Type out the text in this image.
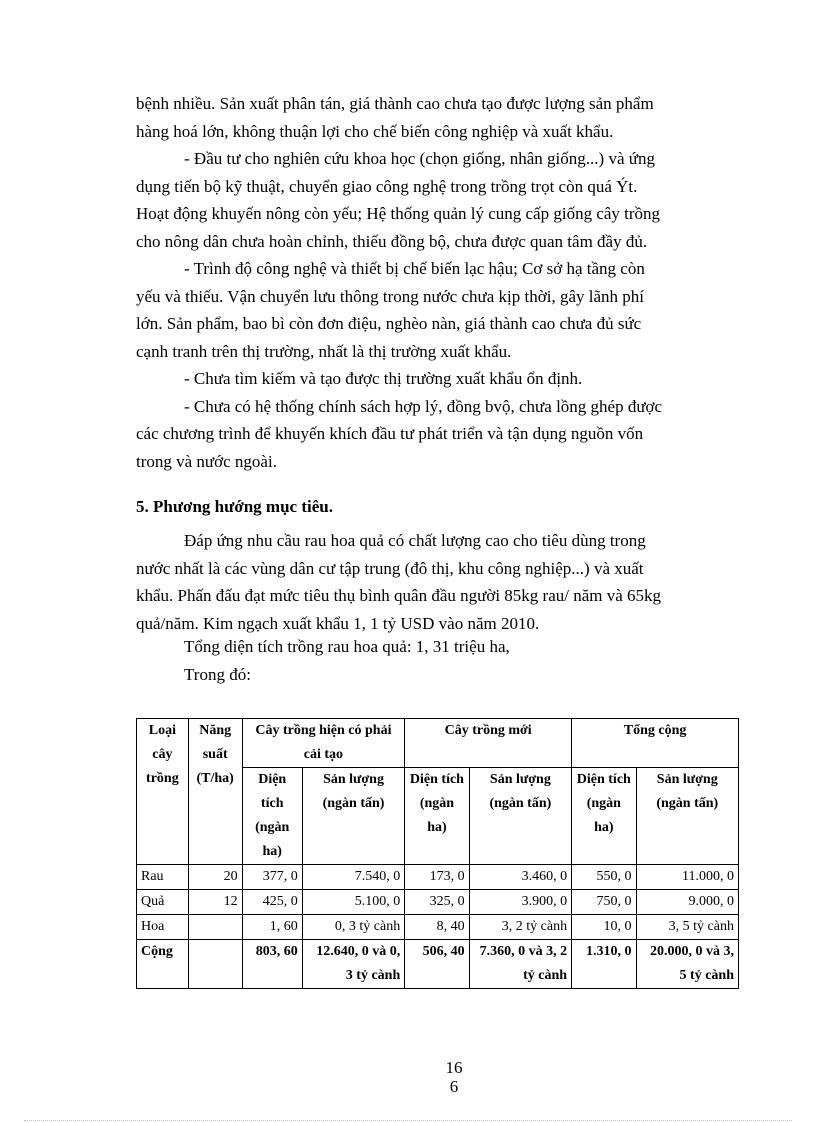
bệnh nhiều. Sản xuất phân tán, giá thành cao chưa tạo được lượng sản phẩm
hàng hoá lớn, không thuận lợi cho chế biến công nghiệp và xuất khẩu.

- Đầu tư cho nghiên cứu khoa học (chọn giống, nhân giống...) và ứng
dụng tiến bộ kỹ thuật, chuyển giao công nghệ trong trồng trọt còn quá Ýt.
Hoạt động khuyến nông còn yếu; Hệ thống quản lý cung cấp giống cây trồng
cho nông dân chưa hoàn chỉnh, thiếu đồng bộ, chưa được quan tâm đầy đủ.

- Trình độ công nghệ và thiết bị chế biến lạc hậu; Cơ sở hạ tầng còn
yếu và thiếu. Vận chuyển lưu thông trong nước chưa kịp thời, gây lãnh phí
lớn. Sản phẩm, bao bì còn đơn điệu, nghèo nàn, giá thành cao chưa đủ sức
cạnh tranh trên thị trường, nhất là thị trường xuất khẩu.

- Chưa tìm kiếm và tạo được thị trường xuất khẩu ổn định.

- Chưa có hệ thống chính sách hợp lý, đồng bvộ, chưa lồng ghép được
các chương trình để khuyến khích đầu tư phát triển và tận dụng nguồn vốn
trong và nước ngoài.

5. Phương hướng mục tiêu.

Đáp ứng nhu cầu rau hoa quả có chất lượng cao cho tiêu dùng trong
nước nhất là các vùng dân cư tập trung (đô thị, khu công nghiệp...) và xuất
khẩu. Phấn đấu đạt mức tiêu thụ bình quân đầu người 85kg rau/ năm và 65kg
quả/năm. Kim ngạch xuất khẩu 1, 1 tỷ USD vào năm 2010.

Tổng diện tích trồng rau hoa quả: 1, 31 triệu ha,

Trong đó:

Loại cây trồng	Năng suất (T/ha)	Cây trồng hiện có phải cải tạo		Cây trồng mới		Tổng cộng	
		Diện tích (ngàn ha)	Sản lượng (ngàn tấn)	Diện tích (ngàn ha)	Sản lượng (ngàn tấn)	Diện tích (ngàn ha)	Sản lượng (ngàn tấn)
Rau	20	377, 0	7.540, 0	173, 0	3.460, 0	550, 0	11.000, 0
Quả	12	425, 0	5.100, 0	325, 0	3.900, 0	750, 0	9.000, 0
Hoa		1, 60	0, 3 tỷ cành	8, 40	3, 2 tỷ cành	10, 0	3, 5 tỷ cành
Cộng		803, 60	12.640, 0 và 0, 3 tỷ cành	506, 40	7.360, 0 và 3, 2 tỷ cành	1.310, 0	20.000, 0 và 3, 5 tỷ cành

16

6
